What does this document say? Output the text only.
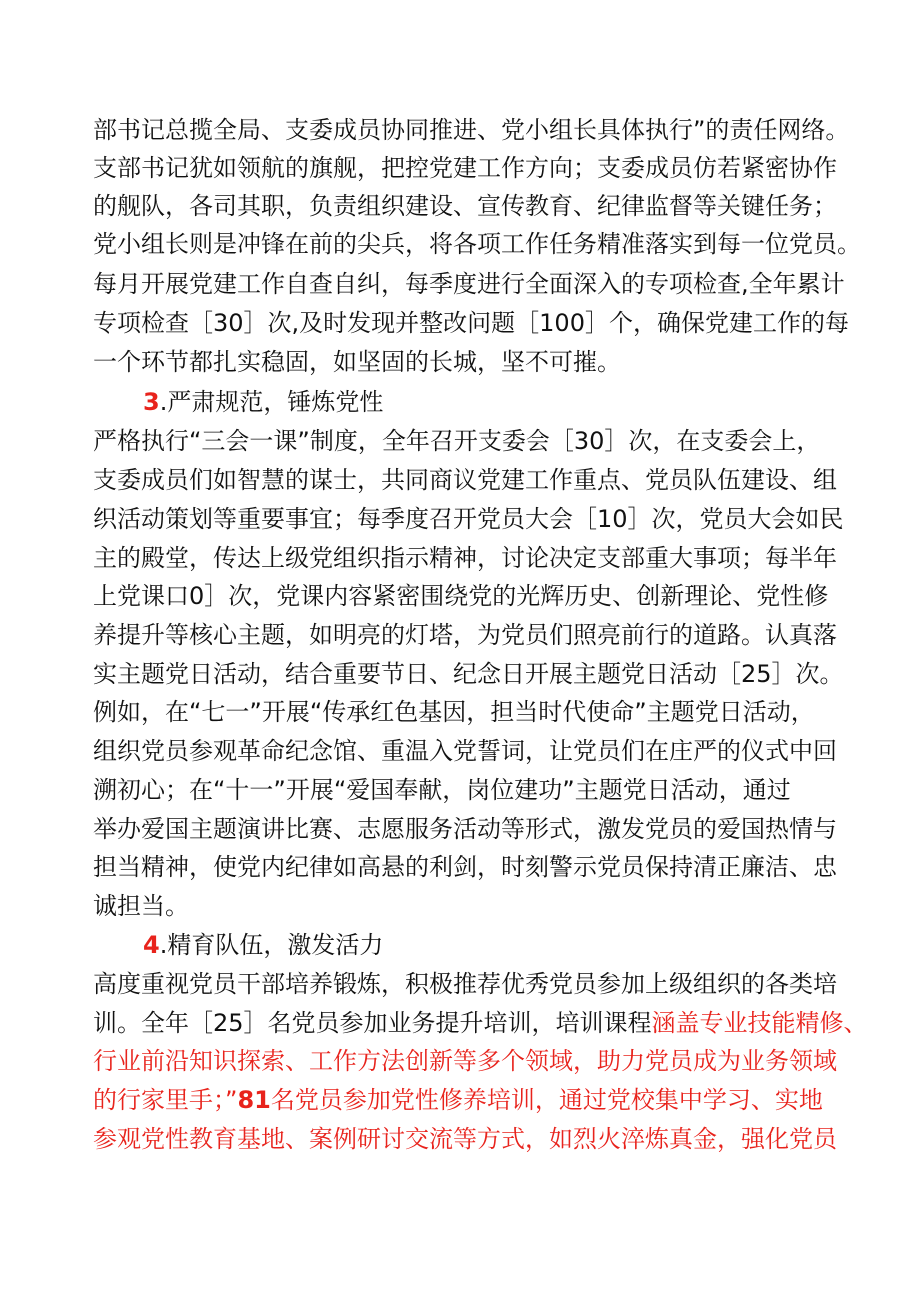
部书记总揽全局、支委成员协同推进、党小组长具体执行”的责任网络。
支部书记犹如领航的旗舰，把控党建工作方向；支委成员仿若紧密协作
的舰队，各司其职，负责组织建设、宣传教育、纪律监督等关键任务；
党小组长则是冲锋在前的尖兵，将各项工作任务精准落实到每一位党员。
每月开展党建工作自查自纠，每季度进行全面深入的专项检查,全年累计
专项检查［30］次,及时发现并整改问题［100］个，确保党建工作的每
一个环节都扎实稳固，如坚固的长城，坚不可摧。
3.严肃规范，锤炼党性
严格执行“三会一课”制度，全年召开支委会［30］次，在支委会上，
支委成员们如智慧的谋士，共同商议党建工作重点、党员队伍建设、组
织活动策划等重要事宜；每季度召开党员大会［10］次，党员大会如民
主的殿堂，传达上级党组织指示精神，讨论决定支部重大事项；每半年
上党课口0］次，党课内容紧密围绕党的光辉历史、创新理论、党性修
养提升等核心主题，如明亮的灯塔，为党员们照亮前行的道路。认真落
实主题党日活动，结合重要节日、纪念日开展主题党日活动［25］次。
例如，在“七一”开展“传承红色基因，担当时代使命”主题党日活动，
组织党员参观革命纪念馆、重温入党誓词，让党员们在庄严的仪式中回
溯初心；在“十一”开展“爱国奉献，岗位建功”主题党日活动，通过
举办爱国主题演讲比赛、志愿服务活动等形式，激发党员的爱国热情与
担当精神，使党内纪律如高悬的利剑，时刻警示党员保持清正廉洁、忠
诚担当。
4.精育队伍，激发活力
高度重视党员干部培养锻炼，积极推荐优秀党员参加上级组织的各类培
训。全年［25］名党员参加业务提升培训，培训课程涵盖专业技能精修、
行业前沿知识探索、工作方法创新等多个领域，助力党员成为业务领域
的行家里手；”81名党员参加党性修养培训，通过党校集中学习、实地
参观党性教育基地、案例研讨交流等方式，如烈火淬炼真金，强化党员
